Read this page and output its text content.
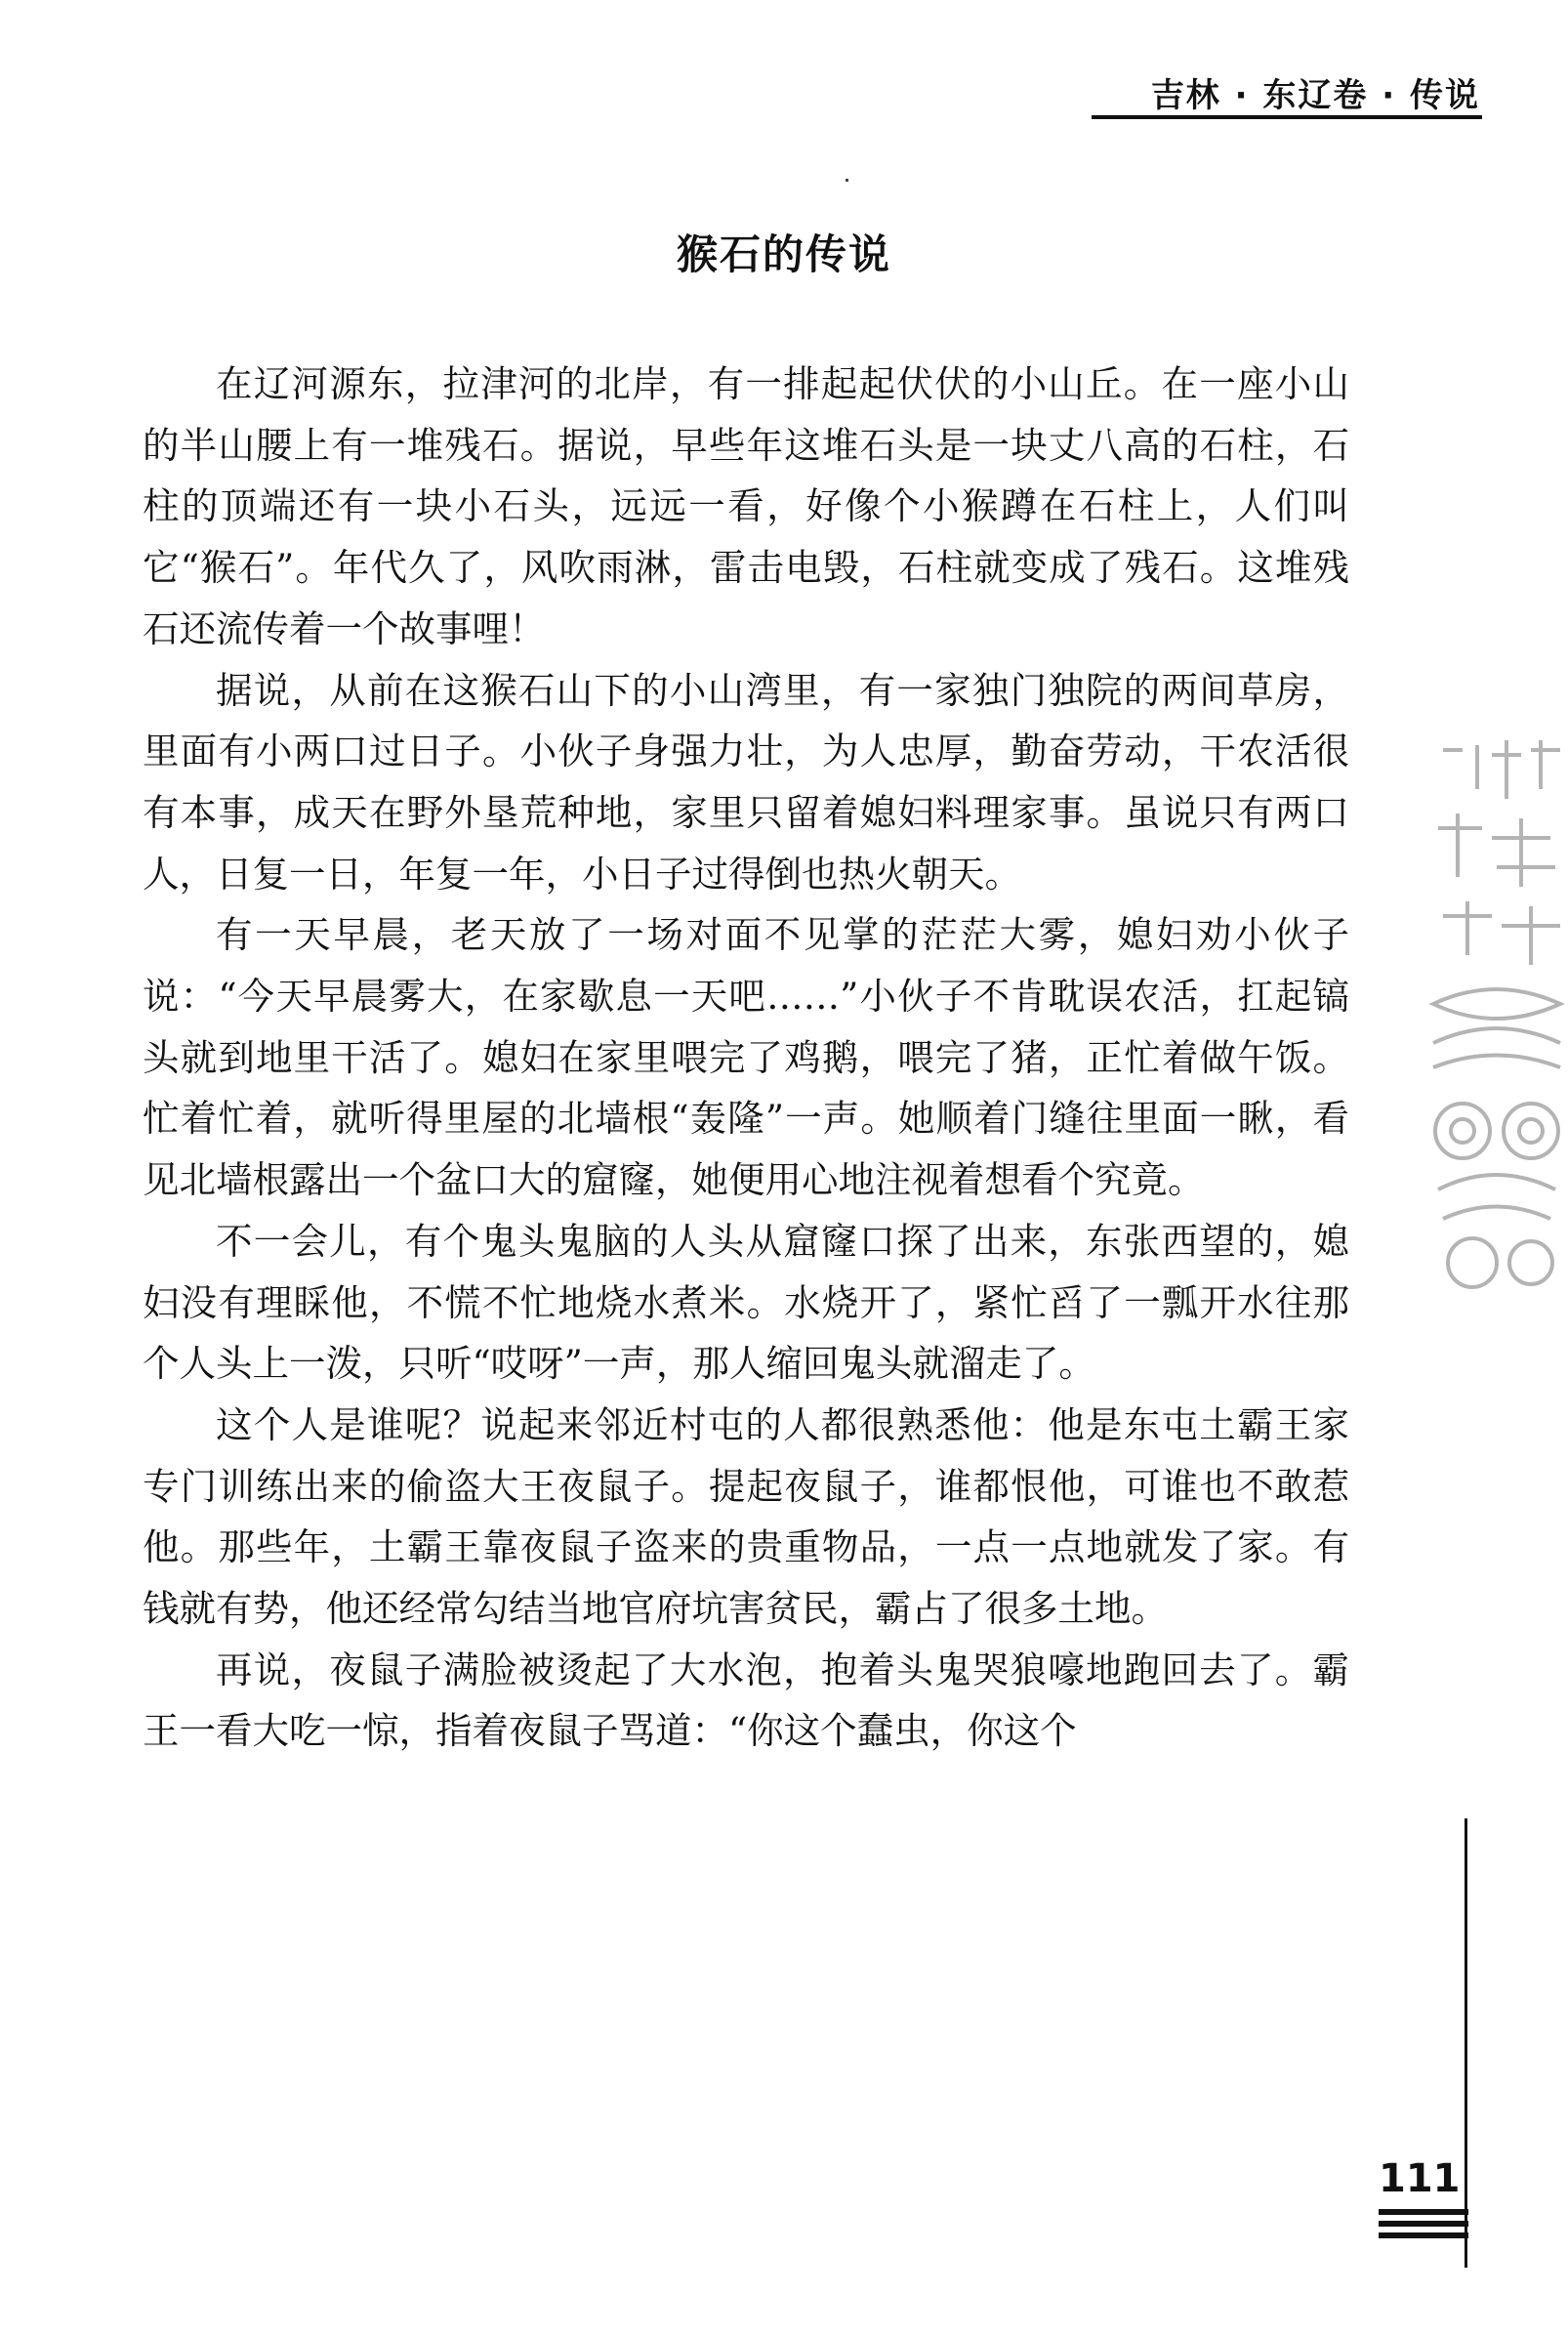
吉林 · 东辽卷 · 传说
猴石的传说

在辽河源东，拉津河的北岸，有一排起起伏伏的小山丘。在一座小山的半山腰上有一堆残石。据说，早些年这堆石头是一块丈八高的石柱，石柱的顶端还有一块小石头，远远一看，好像个小猴蹲在石柱上，人们叫它“猴石”。年代久了，风吹雨淋，雷击电毁，石柱就变成了残石。这堆残石还流传着一个故事哩！

据说，从前在这猴石山下的小山湾里，有一家独门独院的两间草房，里面有小两口过日子。小伙子身强力壮，为人忠厚，勤奋劳动，干农活很有本事，成天在野外垦荒种地，家里只留着媳妇料理家事。虽说只有两口人，日复一日，年复一年，小日子过得倒也热火朝天。

有一天早晨，老天放了一场对面不见掌的茫茫大雾，媳妇劝小伙子说：“今天早晨雾大，在家歇息一天吧……”小伙子不肯耽误农活，扛起镐头就到地里干活了。媳妇在家里喂完了鸡鹅，喂完了猪，正忙着做午饭。忙着忙着，就听得里屋的北墙根“轰隆”一声。她顺着门缝往里面一瞅，看见北墙根露出一个盆口大的窟窿，她便用心地注视着想看个究竟。

不一会儿，有个鬼头鬼脑的人头从窟窿口探了出来，东张西望的，媳妇没有理睬他，不慌不忙地烧水煮米。水烧开了，紧忙舀了一瓢开水往那个人头上一泼，只听“哎呀”一声，那人缩回鬼头就溜走了。

这个人是谁呢？说起来邻近村屯的人都很熟悉他：他是东屯土霸王家专门训练出来的偷盗大王夜鼠子。提起夜鼠子，谁都恨他，可谁也不敢惹他。那些年，土霸王靠夜鼠子盗来的贵重物品，一点一点地就发了家。有钱就有势，他还经常勾结当地官府坑害贫民，霸占了很多土地。

再说，夜鼠子满脸被烫起了大水泡，抱着头鬼哭狼嚎地跑回去了。霸王一看大吃一惊，指着夜鼠子骂道：“你这个蠢虫，你这个

111
